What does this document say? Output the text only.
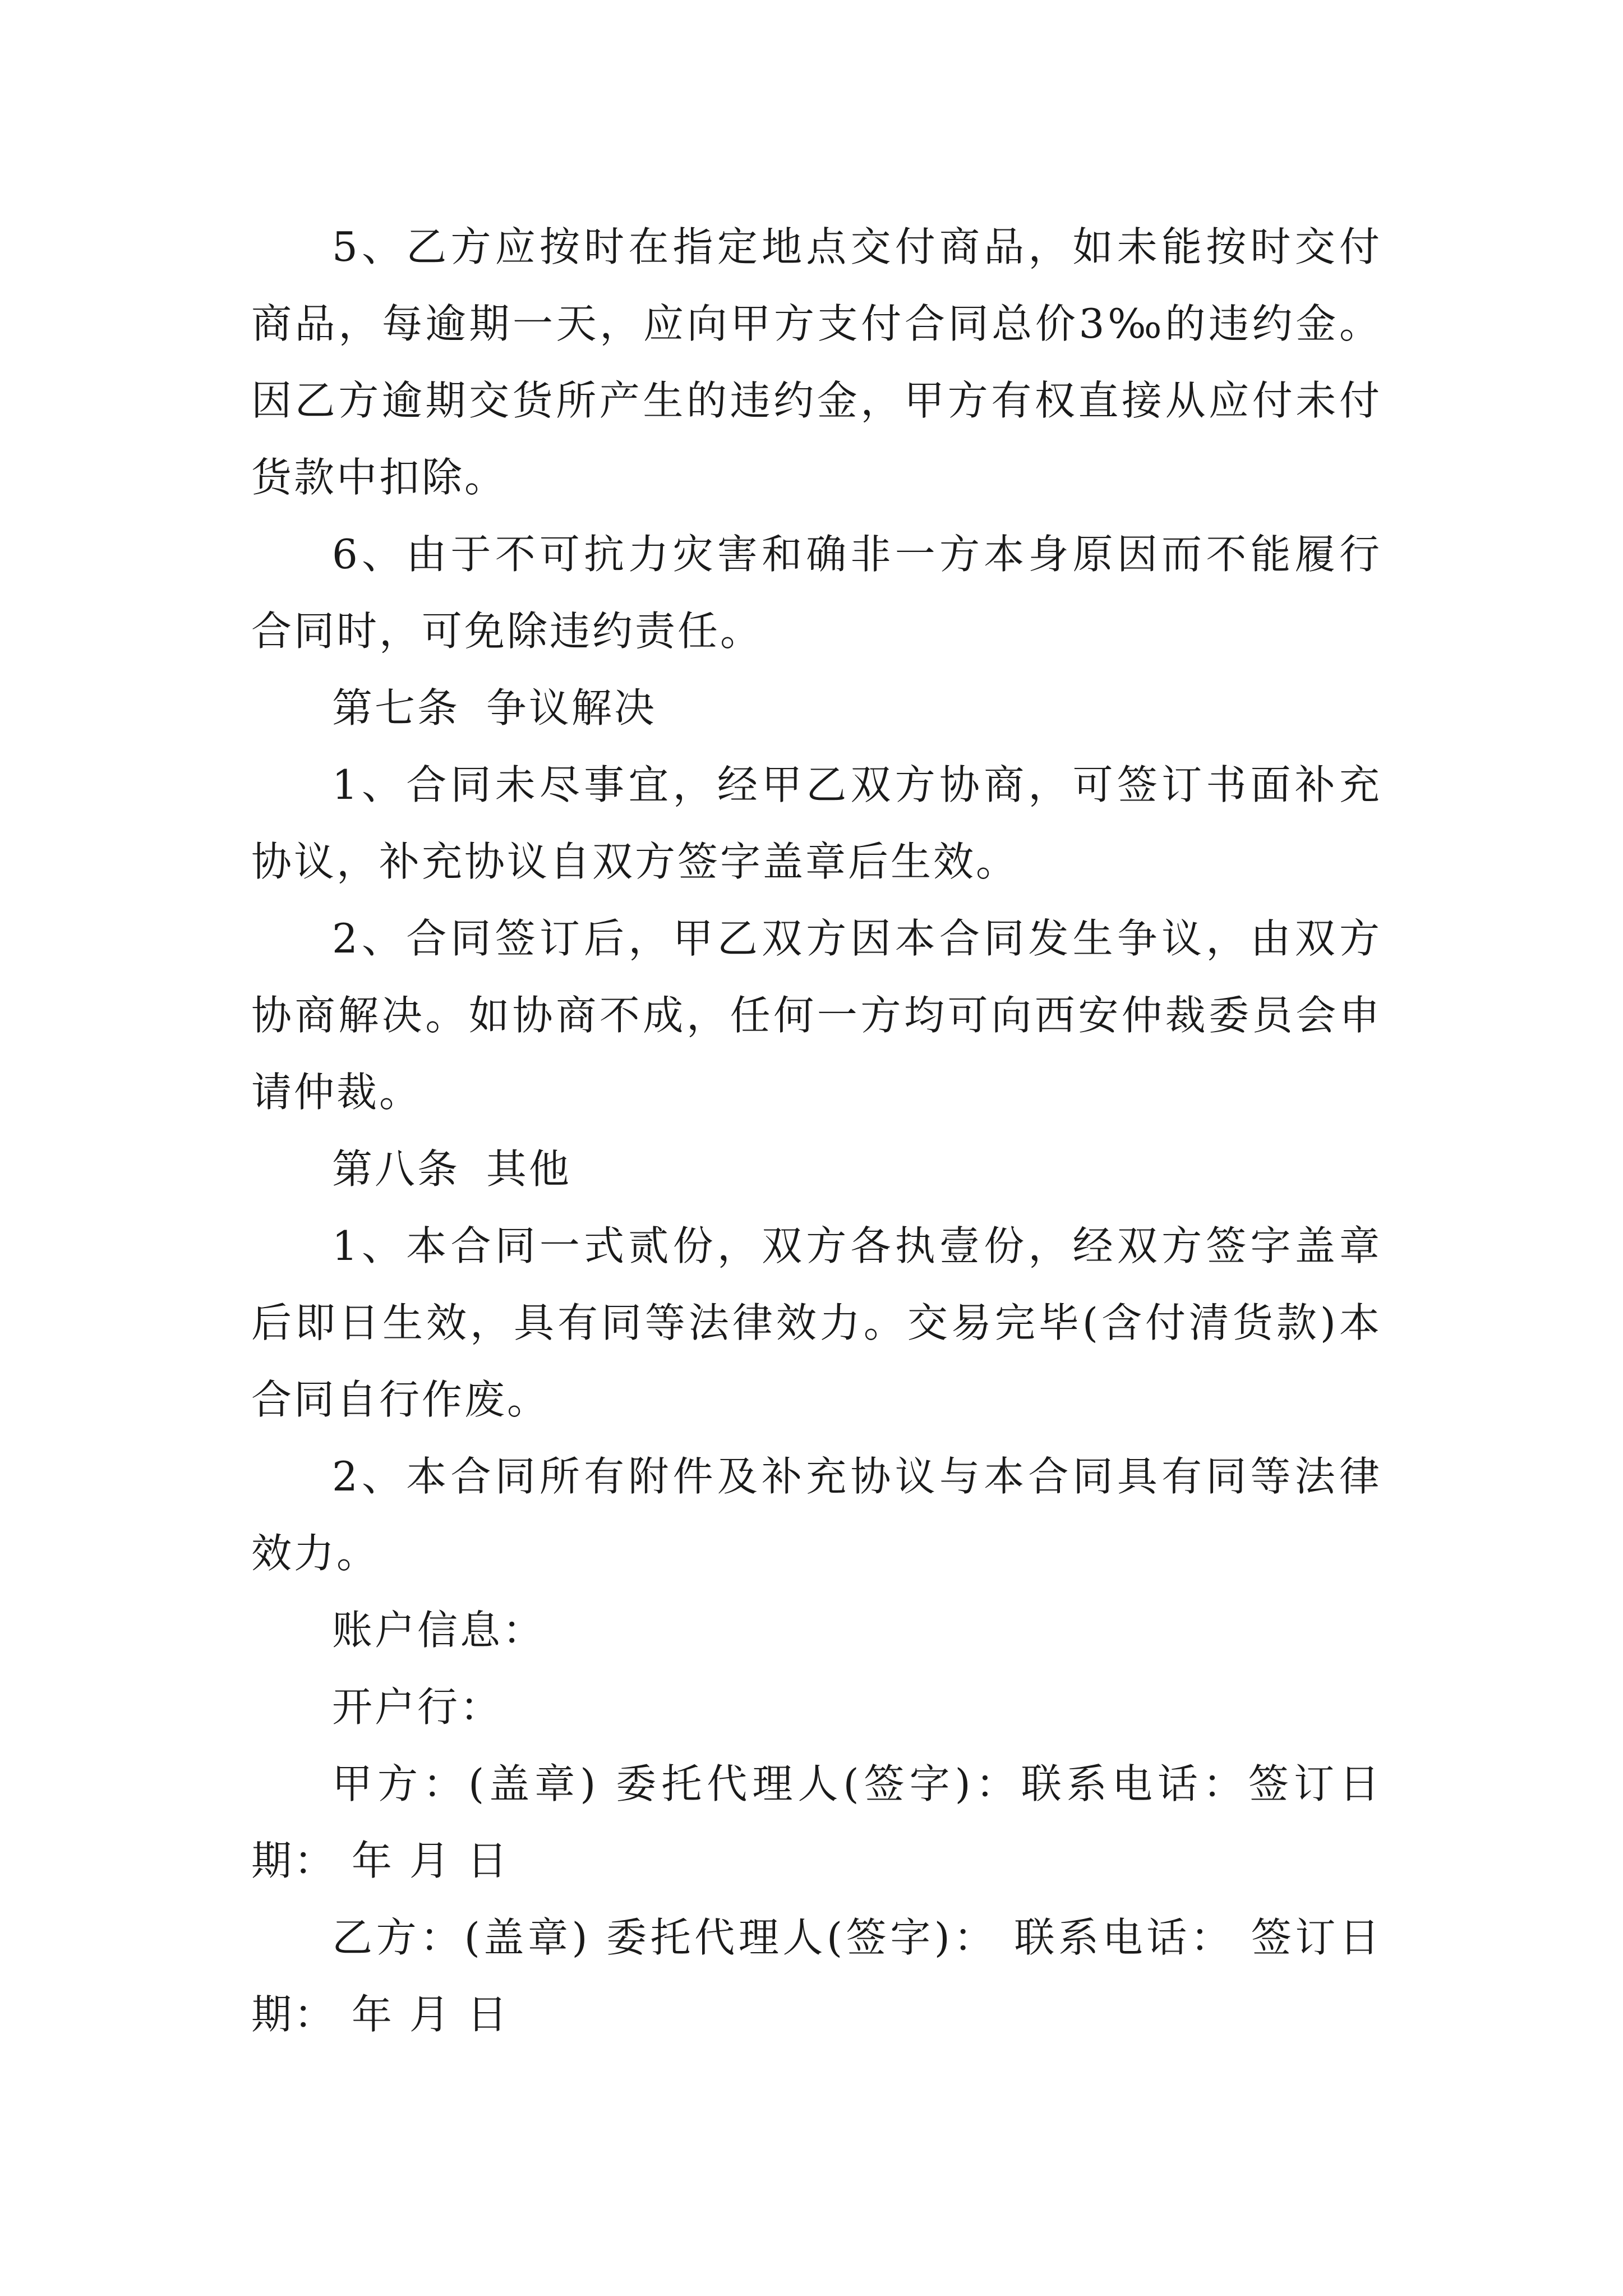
5、乙方应按时在指定地点交付商品，如未能按时交付商品，每逾期一天，应向甲方支付合同总价3‰的违约金。因乙方逾期交货所产生的违约金，甲方有权直接从应付未付货款中扣除。

6、由于不可抗力灾害和确非一方本身原因而不能履行合同时，可免除违约责任。

第七条 争议解决

1、合同未尽事宜，经甲乙双方协商，可签订书面补充协议，补充协议自双方签字盖章后生效。

2、合同签订后，甲乙双方因本合同发生争议，由双方协商解决。如协商不成，任何一方均可向西安仲裁委员会申请仲裁。

第八条 其他

1、本合同一式贰份，双方各执壹份，经双方签字盖章后即日生效，具有同等法律效力。交易完毕(含付清货款)本合同自行作废。

2、本合同所有附件及补充协议与本合同具有同等法律效力。

账户信息：

开户行：

甲方：(盖章) 委托代理人(签字)：联系电话：签订日期： 年 月 日

乙方：(盖章) 委托代理人(签字)： 联系电话： 签订日期： 年 月 日
